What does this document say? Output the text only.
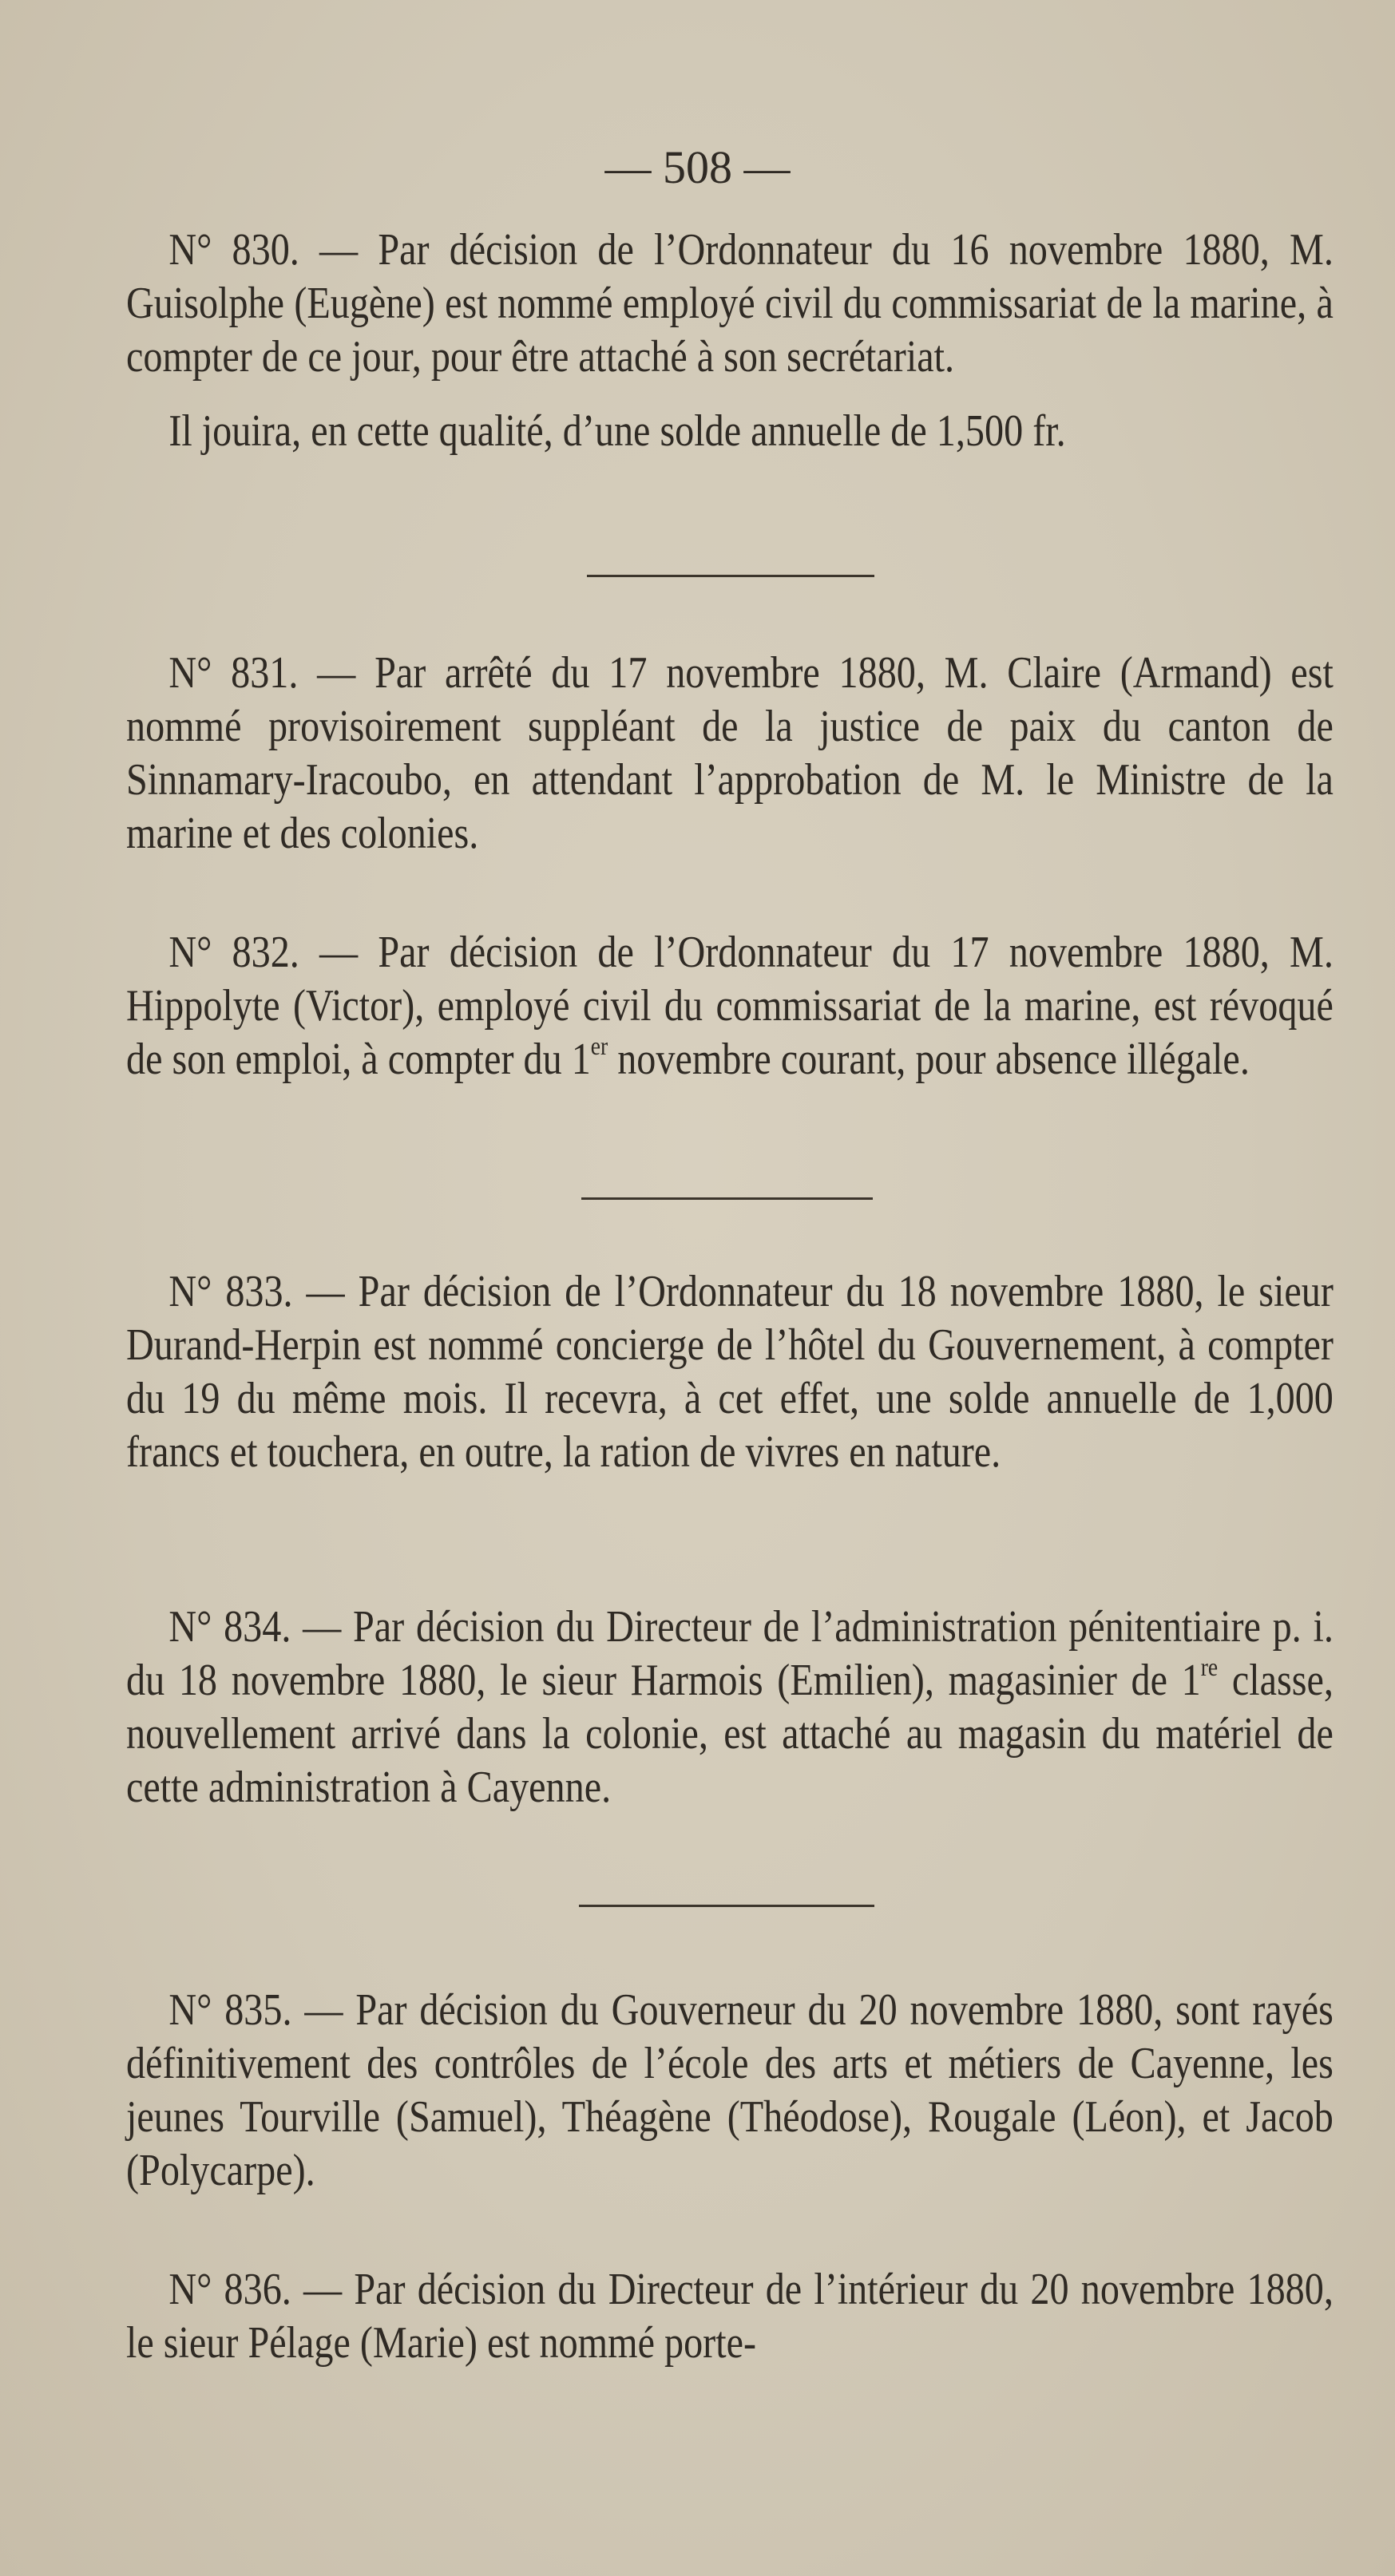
— 508 —

N° 830. — Par décision de l’Ordonnateur du 16 novembre 1880, M. Guisolphe (Eugène) est nommé employé civil du commissariat de la marine, à compter de ce jour, pour être attaché à son secrétariat.

Il jouira, en cette qualité, d’une solde annuelle de 1,500 fr.

N° 831. — Par arrêté du 17 novembre 1880, M. Claire (Armand) est nommé provisoirement suppléant de la justice de paix du canton de Sinnamary-Iracoubo, en attendant l’approbation de M. le Ministre de la marine et des colonies.

N° 832. — Par décision de l’Ordonnateur du 17 novembre 1880, M. Hippolyte (Victor), employé civil du commissariat de la marine, est révoqué de son emploi, à compter du 1er novembre courant, pour absence illégale.

N° 833. — Par décision de l’Ordonnateur du 18 novembre 1880, le sieur Durand-Herpin est nommé concierge de l’hôtel du Gouvernement, à compter du 19 du même mois. Il recevra, à cet effet, une solde annuelle de 1,000 francs et touchera, en outre, la ration de vivres en nature.

N° 834. — Par décision du Directeur de l’administration pénitentiaire p. i. du 18 novembre 1880, le sieur Harmois (Emilien), magasinier de 1re classe, nouvellement arrivé dans la colonie, est attaché au magasin du matériel de cette administration à Cayenne.

N° 835. — Par décision du Gouverneur du 20 novembre 1880, sont rayés définitivement des contrôles de l’école des arts et métiers de Cayenne, les jeunes Tourville (Samuel), Théagène (Théodose), Rougale (Léon), et Jacob (Polycarpe).

N° 836. — Par décision du Directeur de l’intérieur du 20 novembre 1880, le sieur Pélage (Marie) est nommé porte-
